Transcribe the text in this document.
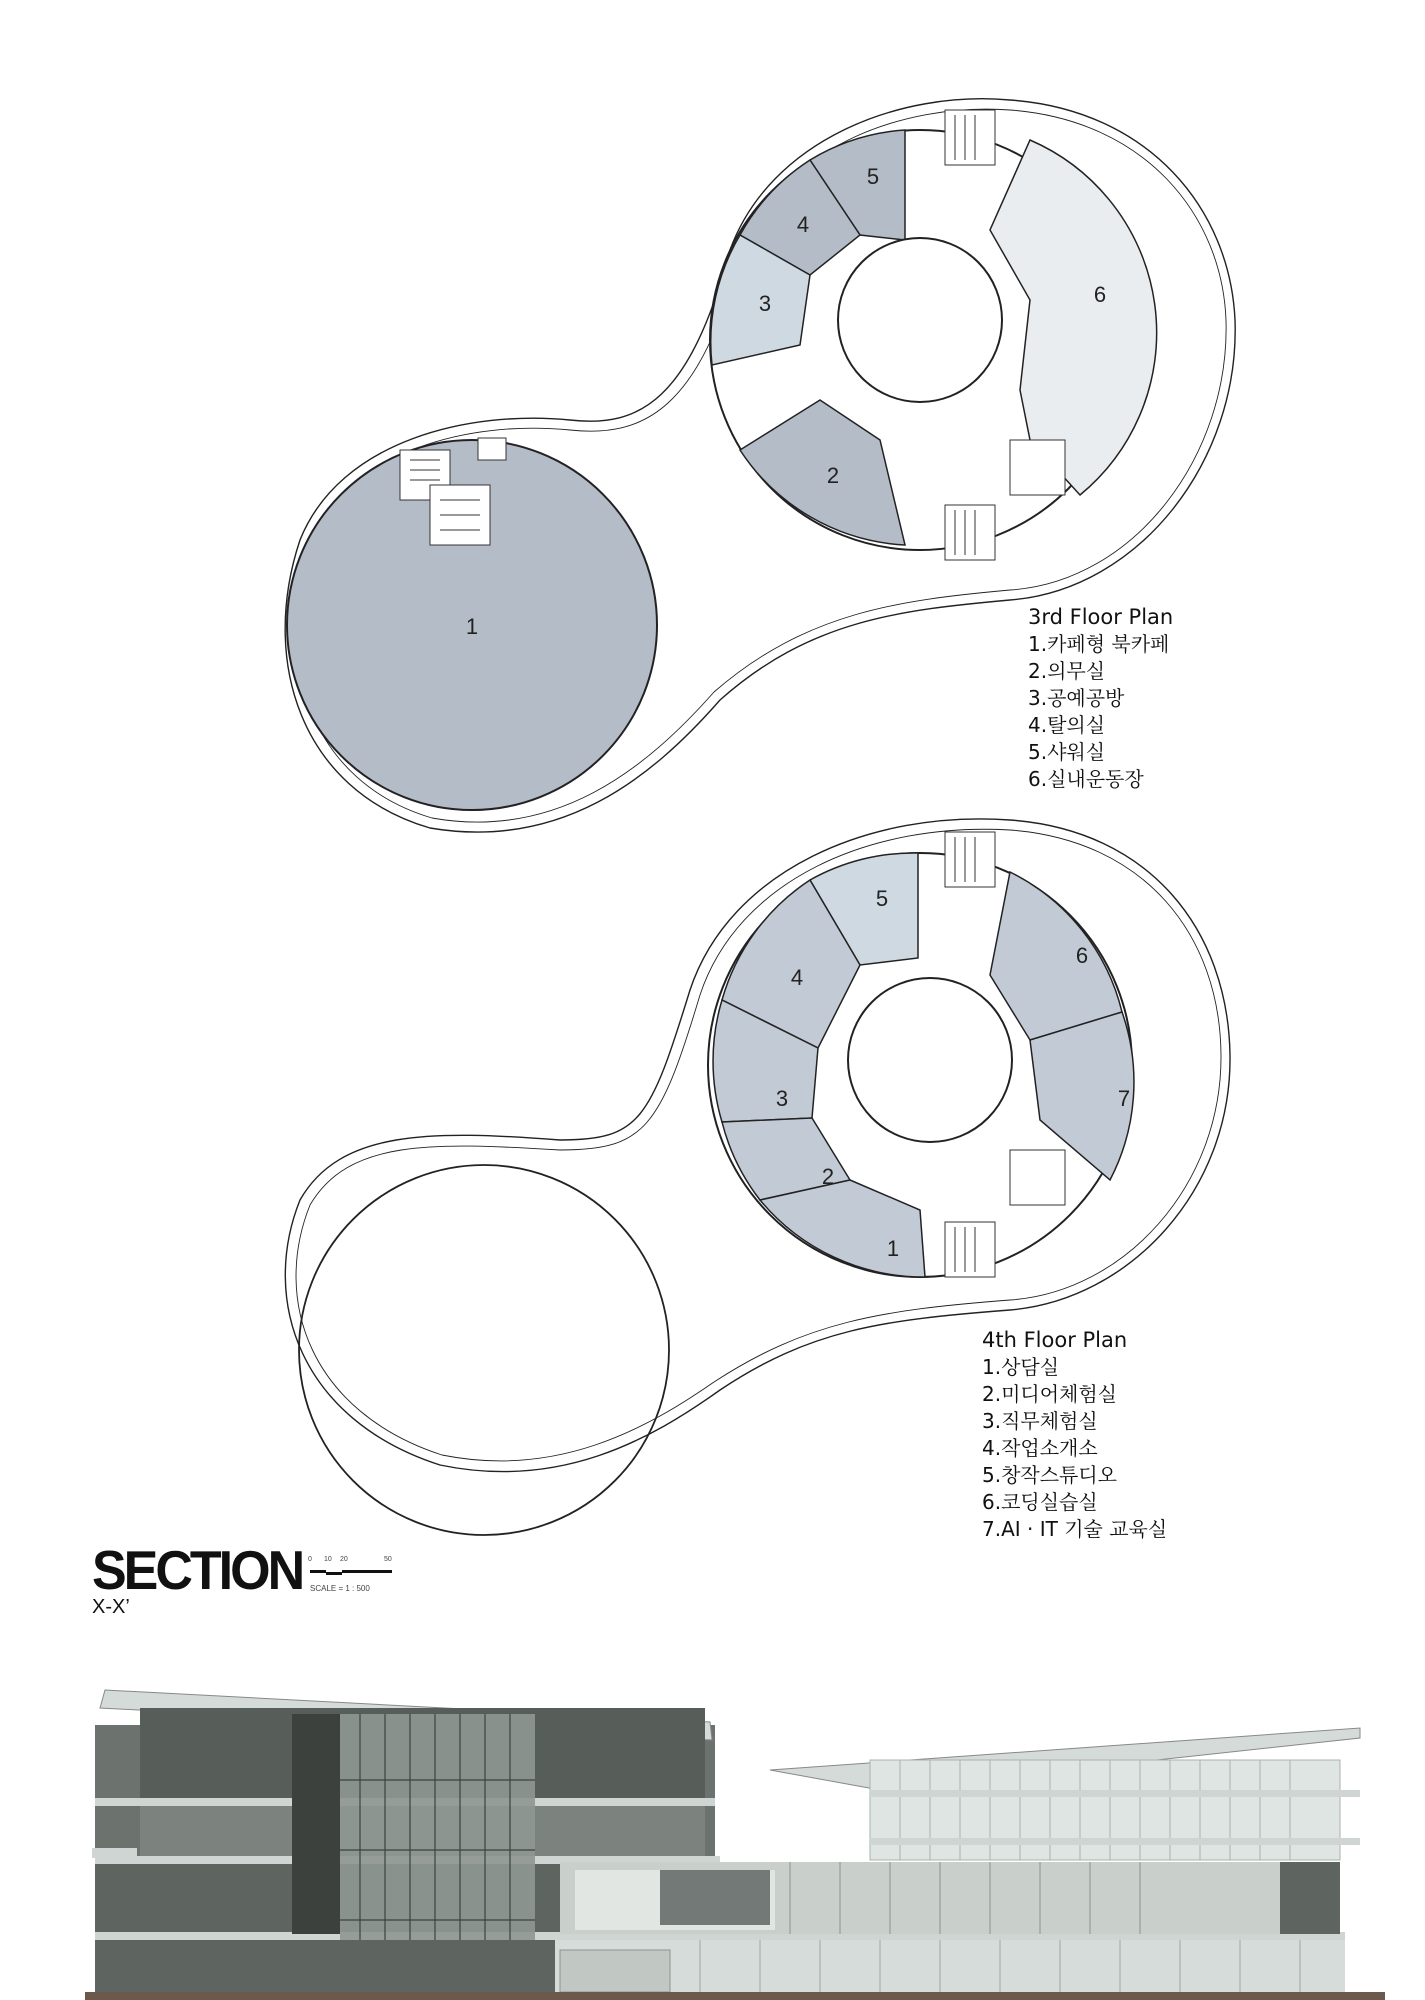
1
2
3
4
5
6
1
2
3
4
5
6
7
3rd Floor Plan
1.카페형 북카페
2.의무실
3.공예공방
4.탈의실
5.샤워실
6.실내운동장
4th Floor Plan
1.상담실
2.미디어체험실
3.직무체험실
4.작업소개소
5.창작스튜디오
6.코딩실습실
7.AI · IT 기술 교육실
SECTION
X-X’
0 10 20	50
SCALE = 1 : 500
